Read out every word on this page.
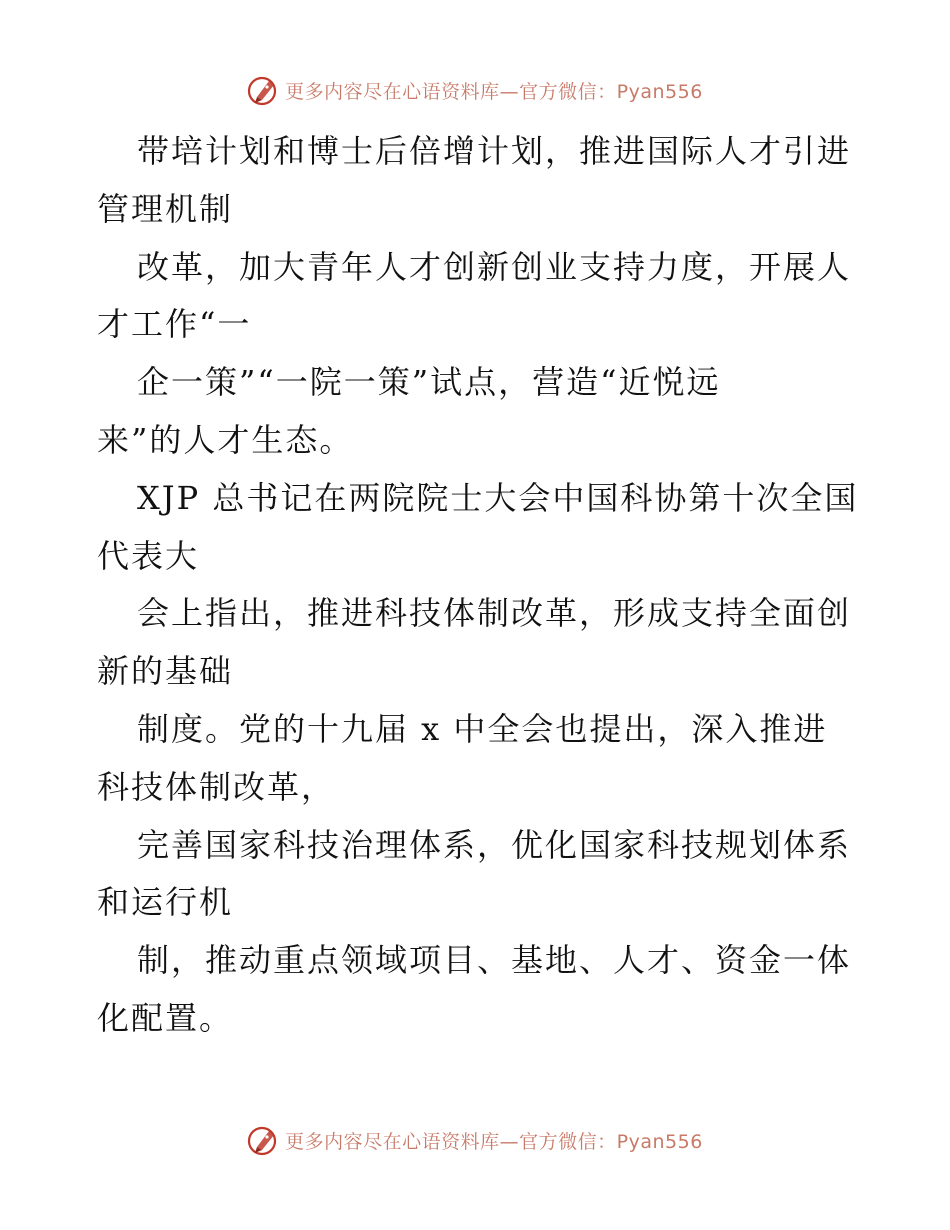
更多内容尽在心语资料库—官方微信：Pyan556
带培计划和博士后倍增计划，推进国际人才引进
管理机制
改革，加大青年人才创新创业支持力度，开展人
才工作“一
企一策”“一院一策”试点，营造“近悦远
来”的人才生态。
XJP 总书记在两院院士大会中国科协第十次全国
代表大
会上指出，推进科技体制改革，形成支持全面创
新的基础
制度。党的十九届 x 中全会也提出，深入推进
科技体制改革，
完善国家科技治理体系，优化国家科技规划体系
和运行机
制，推动重点领域项目、基地、人才、资金一体
化配置。
更多内容尽在心语资料库—官方微信：Pyan556
